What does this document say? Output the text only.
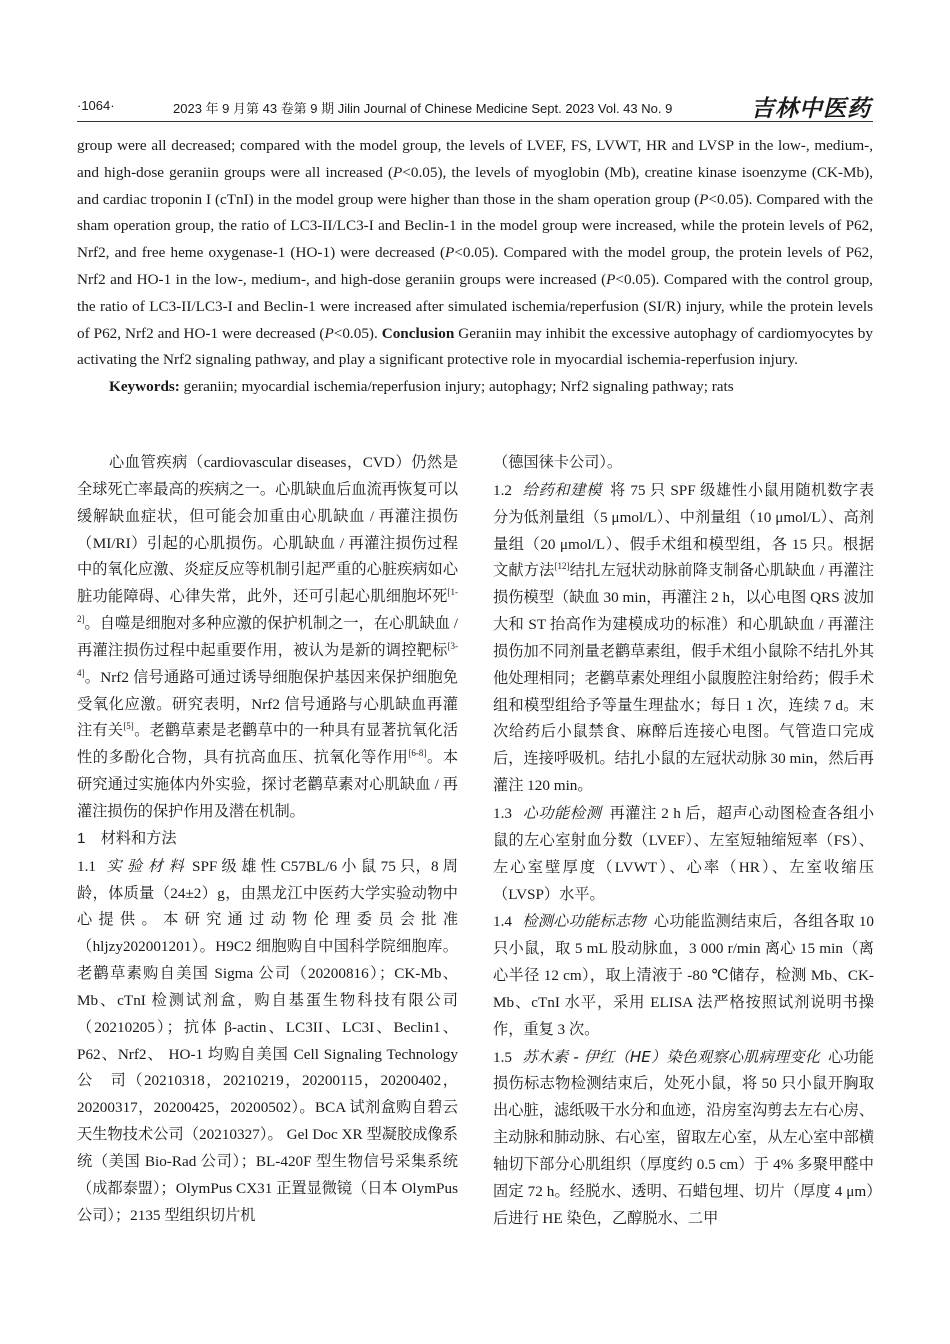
·1064·	2023 年 9 月第 43 卷第 9 期 Jilin Journal of Chinese Medicine Sept. 2023 Vol. 43 No. 9	吉林中医药

group were all decreased; compared with the model group, the levels of LVEF, FS, LVWT, HR and LVSP in the low-, medium-, and high-dose geraniin groups were all increased (P<0.05), the levels of myoglobin (Mb), creatine kinase isoenzyme (CK-Mb), and cardiac troponin I (cTnI) in the model group were higher than those in the sham operation group (P<0.05). Compared with the sham operation group, the ratio of LC3-II/LC3-I and Beclin-1 in the model group were increased, while the protein levels of P62, Nrf2, and free heme oxygenase-1 (HO-1) were decreased (P<0.05). Compared with the model group, the protein levels of P62, Nrf2 and HO-1 in the low-, medium-, and high-dose geraniin groups were increased (P<0.05). Compared with the control group, the ratio of LC3-II/LC3-I and Beclin-1 were increased after simulated ischemia/reperfusion (SI/R) injury, while the protein levels of P62, Nrf2 and HO-1 were decreased (P<0.05). Conclusion Geraniin may inhibit the excessive autophagy of cardiomyocytes by activating the Nrf2 signaling pathway, and play a significant protective role in myocardial ischemia-reperfusion injury.

Keywords: geraniin; myocardial ischemia/reperfusion injury; autophagy; Nrf2 signaling pathway; rats

心血管疾病（cardiovascular diseases，CVD）仍然是全球死亡率最高的疾病之一。心肌缺血后血流再恢复可以缓解缺血症状，但可能会加重由心肌缺血 / 再灌注损伤（MI/RI）引起的心肌损伤。心肌缺血 / 再灌注损伤过程中的氧化应激、炎症反应等机制引起严重的心脏疾病如心脏功能障碍、心律失常，此外，还可引起心肌细胞坏死[1-2]。自噬是细胞对多种应激的保护机制之一，在心肌缺血 / 再灌注损伤过程中起重要作用，被认为是新的调控靶标[3-4]。Nrf2 信号通路可通过诱导细胞保护基因来保护细胞免受氧化应激。研究表明，Nrf2 信号通路与心肌缺血再灌注有关[5]。老鹳草素是老鹳草中的一种具有显著抗氧化活性的多酚化合物，具有抗高血压、抗氧化等作用[6-8]。本研究通过实施体内外实验，探讨老鹳草素对心肌缺血 / 再灌注损伤的保护作用及潜在机制。

1　材料和方法

1.1 实 验 材 料 SPF 级 雄 性 C57BL/6 小 鼠 75 只，8 周龄，体质量（24±2）g，由黑龙江中医药大学实验动物中心提供。本研究通过动物伦理委员会批准（hljzy202001201）。H9C2 细胞购自中国科学院细胞库。老鹳草素购自美国 Sigma 公司（20200816）；CK-Mb、Mb、cTnI 检测试剂盒，购自基蛋生物科技有限公司（20210205）；抗体 β-actin、LC3II、LC3I、Beclin1、P62、Nrf2、 HO-1 均购自美国 Cell Signaling Technology 公　司（20210318，20210219，20200115，20200402，20200317，20200425，20200502）。BCA 试剂盒购自碧云天生物技术公司（20210327）。 Gel Doc XR 型凝胶成像系统（美国 Bio-Rad 公司）；BL-420F 型生物信号采集系统（成都泰盟）；OlymPus CX31 正置显微镜（日本 OlymPus 公司）；2135 型组织切片机

（德国徕卡公司）。

1.2 给药和建模 将 75 只 SPF 级雄性小鼠用随机数字表分为低剂量组（5 μmol/L）、中剂量组（10 μmol/L）、高剂量组（20 μmol/L）、假手术组和模型组，各 15 只。根据文献方法[12]结扎左冠状动脉前降支制备心肌缺血 / 再灌注损伤模型（缺血 30 min，再灌注 2 h，以心电图 QRS 波加大和 ST 抬高作为建模成功的标准）和心肌缺血 / 再灌注损伤加不同剂量老鹳草素组，假手术组小鼠除不结扎外其他处理相同；老鹳草素处理组小鼠腹腔注射给药；假手术组和模型组给予等量生理盐水；每日 1 次，连续 7 d。末次给药后小鼠禁食、麻醉后连接心电图。气管造口完成后，连接呼吸机。结扎小鼠的左冠状动脉 30 min，然后再灌注 120 min。

1.3 心功能检测 再灌注 2 h 后，超声心动图检查各组小鼠的左心室射血分数（LVEF）、左室短轴缩短率（FS）、左心室壁厚度（LVWT）、心率（HR）、左室收缩压（LVSP）水平。

1.4 检测心功能标志物 心功能监测结束后，各组各取 10 只小鼠，取 5 mL 股动脉血，3 000 r/min 离心 15 min（离心半径 12 cm），取上清液于 -80 ℃储存，检测 Mb、CK-Mb、cTnI 水平，采用 ELISA 法严格按照试剂说明书操作，重复 3 次。

1.5 苏木素 - 伊红（HE）染色观察心肌病理变化 心功能损伤标志物检测结束后，处死小鼠，将 50 只小鼠开胸取出心脏，滤纸吸干水分和血迹，沿房室沟剪去左右心房、主动脉和肺动脉、右心室，留取左心室，从左心室中部横轴切下部分心肌组织（厚度约 0.5 cm）于 4% 多聚甲醛中固定 72 h。经脱水、透明、石蜡包埋、切片（厚度 4 μm）后进行 HE 染色，乙醇脱水、二甲
